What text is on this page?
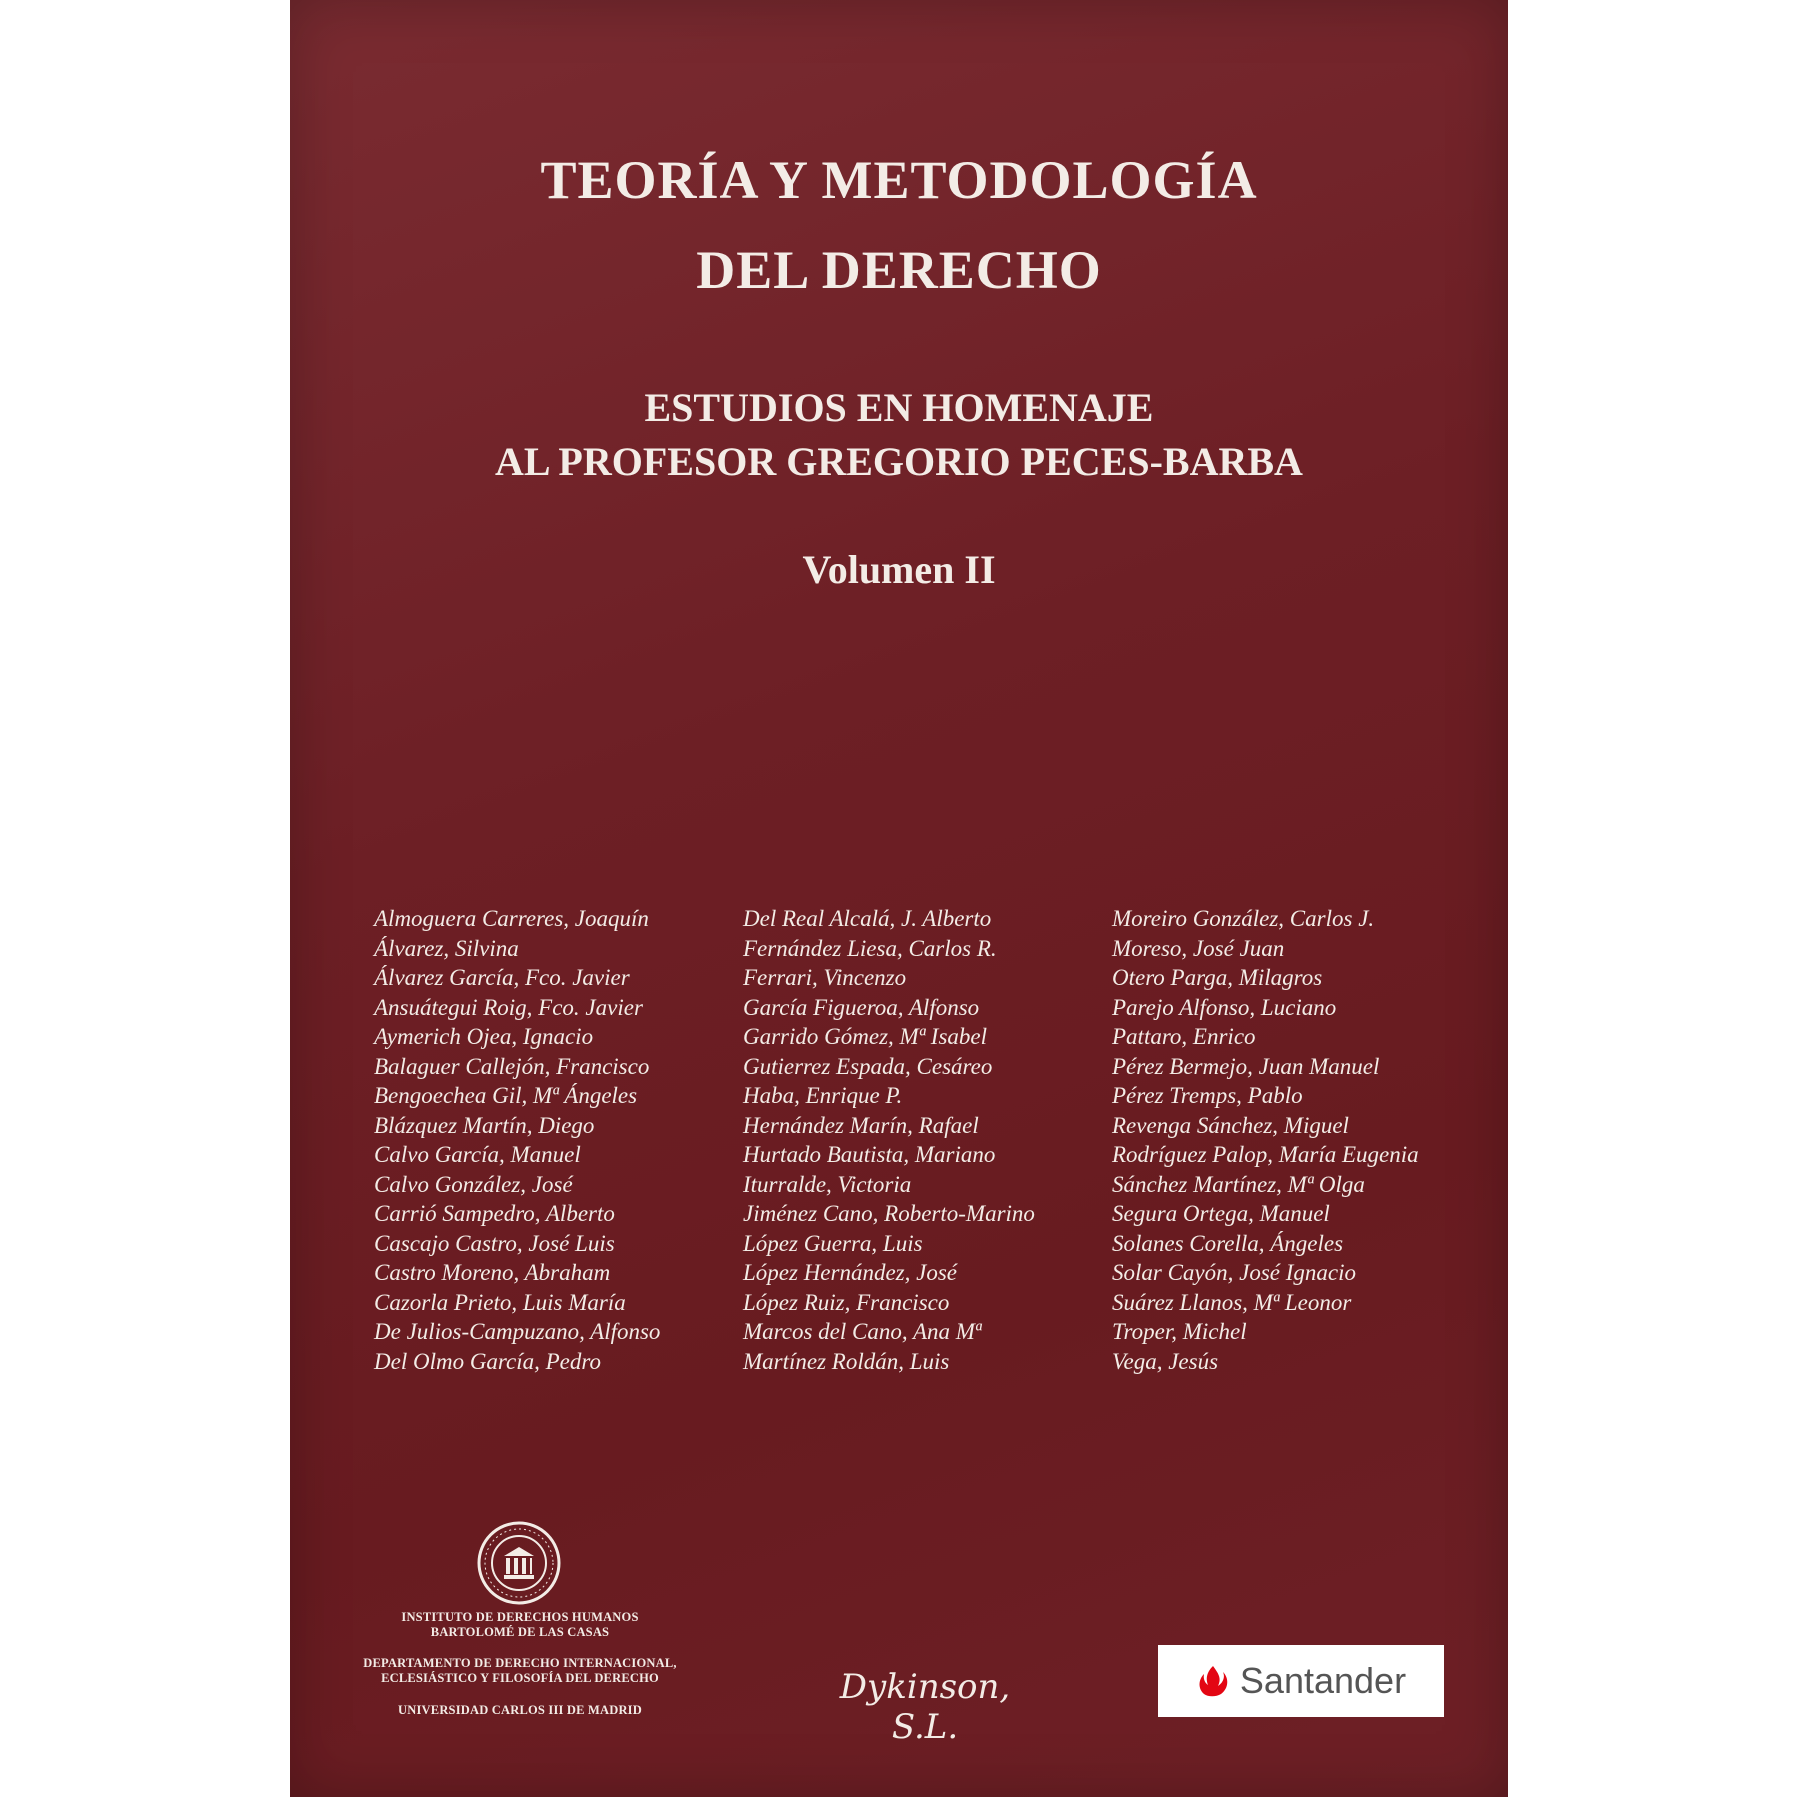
TEORÍA Y METODOLOGÍA
DEL DERECHO
ESTUDIOS EN HOMENAJE
AL PROFESOR GREGORIO PECES-BARBA
Volumen II
Almoguera Carreres, Joaquín
Álvarez, Silvina
Álvarez García, Fco. Javier
Ansuátegui Roig, Fco. Javier
Aymerich Ojea, Ignacio
Balaguer Callejón, Francisco
Bengoechea Gil, Mª Ángeles
Blázquez Martín, Diego
Calvo García, Manuel
Calvo González, José
Carrió Sampedro, Alberto
Cascajo Castro, José Luis
Castro Moreno, Abraham
Cazorla Prieto, Luis María
De Julios-Campuzano, Alfonso
Del Olmo García, Pedro
Del Real Alcalá, J. Alberto
Fernández Liesa, Carlos R.
Ferrari, Vincenzo
García Figueroa, Alfonso
Garrido Gómez, Mª Isabel
Gutierrez Espada, Cesáreo
Haba, Enrique P.
Hernández Marín, Rafael
Hurtado Bautista, Mariano
Iturralde, Victoria
Jiménez Cano, Roberto-Marino
López Guerra, Luis
López Hernández, José
López Ruiz, Francisco
Marcos del Cano, Ana Mª
Martínez Roldán, Luis
Moreiro González, Carlos J.
Moreso, José Juan
Otero Parga, Milagros
Parejo Alfonso, Luciano
Pattaro, Enrico
Pérez Bermejo, Juan Manuel
Pérez Tremps, Pablo
Revenga Sánchez, Miguel
Rodríguez Palop, María Eugenia
Sánchez Martínez, Mª Olga
Segura Ortega, Manuel
Solanes Corella, Ángeles
Solar Cayón, José Ignacio
Suárez Llanos, Mª Leonor
Troper, Michel
Vega, Jesús
INSTITUTO DE DERECHOS HUMANOS
BARTOLOMÉ DE LAS CASAS
DEPARTAMENTO DE DERECHO INTERNACIONAL,
ECLESIÁSTICO Y FILOSOFÍA DEL DERECHO
UNIVERSIDAD CARLOS III DE MADRID
Dykinson, S.L.
Santander
